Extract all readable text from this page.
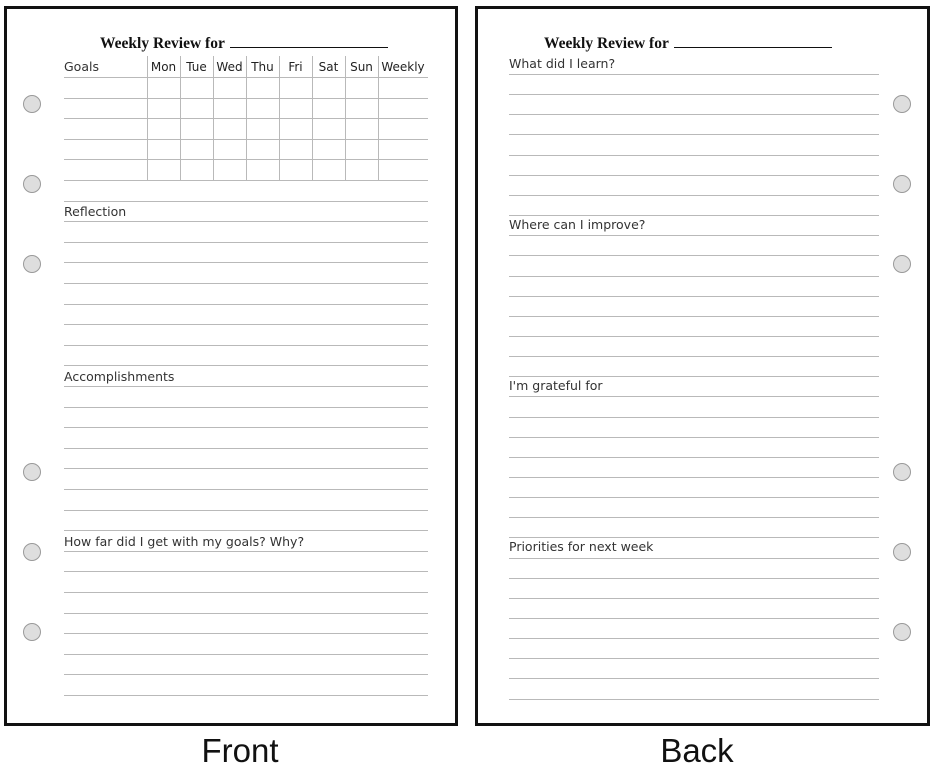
Weekly Review for
Goals	Mon Tue Wed Thu	Fri	Sat Sun Weekly
Reflection
Accomplishments
How far did I get with my goals? Why?
Weekly Review for
What did I learn?
Where can I improve?
I'm grateful for
Priorities for next week
Front	Back
